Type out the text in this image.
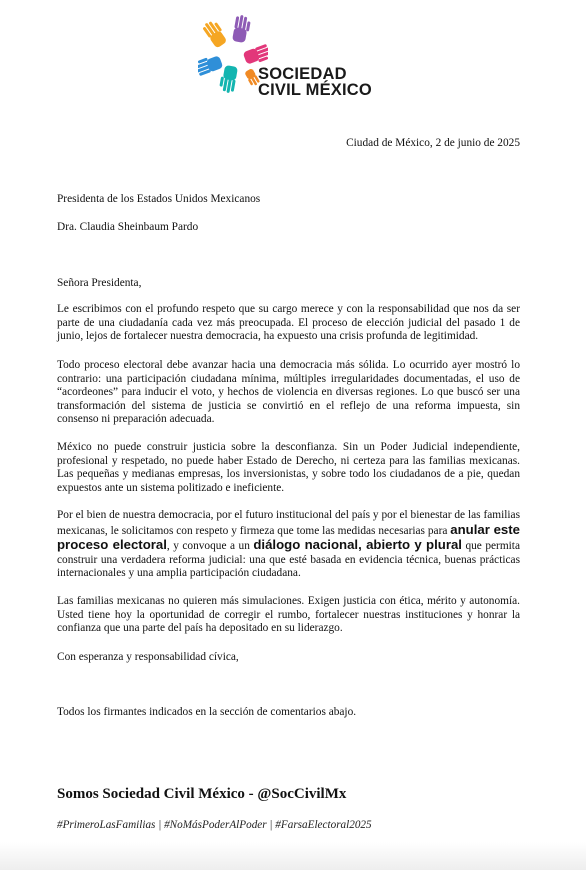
SOCIEDAD
CIVIL MÉXICO
Ciudad de México, 2 de junio de 2025
Presidenta de los Estados Unidos Mexicanos
Dra. Claudia Sheinbaum Pardo
Señora Presidenta,
Le escribimos con el profundo respeto que su cargo merece y con la responsabilidad que nos da ser parte de una ciudadanía cada vez más preocupada. El proceso de elección judicial del pasado 1 de junio, lejos de fortalecer nuestra democracia, ha expuesto una crisis profunda de legitimidad.
Todo proceso electoral debe avanzar hacia una democracia más sólida. Lo ocurrido ayer mostró lo contrario: una participación ciudadana mínima, múltiples irregularidades documentadas, el uso de “acordeones” para inducir el voto, y hechos de violencia en diversas regiones. Lo que buscó ser una transformación del sistema de justicia se convirtió en el reflejo de una reforma impuesta, sin consenso ni preparación adecuada.
México no puede construir justicia sobre la desconfianza. Sin un Poder Judicial independiente, profesional y respetado, no puede haber Estado de Derecho, ni certeza para las familias mexicanas. Las pequeñas y medianas empresas, los inversionistas, y sobre todo los ciudadanos de a pie, quedan expuestos ante un sistema politizado e ineficiente.
Por el bien de nuestra democracia, por el futuro institucional del país y por el bienestar de las familias mexicanas, le solicitamos con respeto y firmeza que tome las medidas necesarias para anular este proceso electoral, y convoque a un diálogo nacional, abierto y plural que permita construir una verdadera reforma judicial: una que esté basada en evidencia técnica, buenas prácticas internacionales y una amplia participación ciudadana.
Las familias mexicanas no quieren más simulaciones. Exigen justicia con ética, mérito y autonomía. Usted tiene hoy la oportunidad de corregir el rumbo, fortalecer nuestras instituciones y honrar la confianza que una parte del país ha depositado en su liderazgo.
Con esperanza y responsabilidad cívica,
Todos los firmantes indicados en la sección de comentarios abajo.
Somos Sociedad Civil México - @SocCivilMx
#PrimeroLasFamilias | #NoMásPoderAlPoder | #FarsaElectoral2025
